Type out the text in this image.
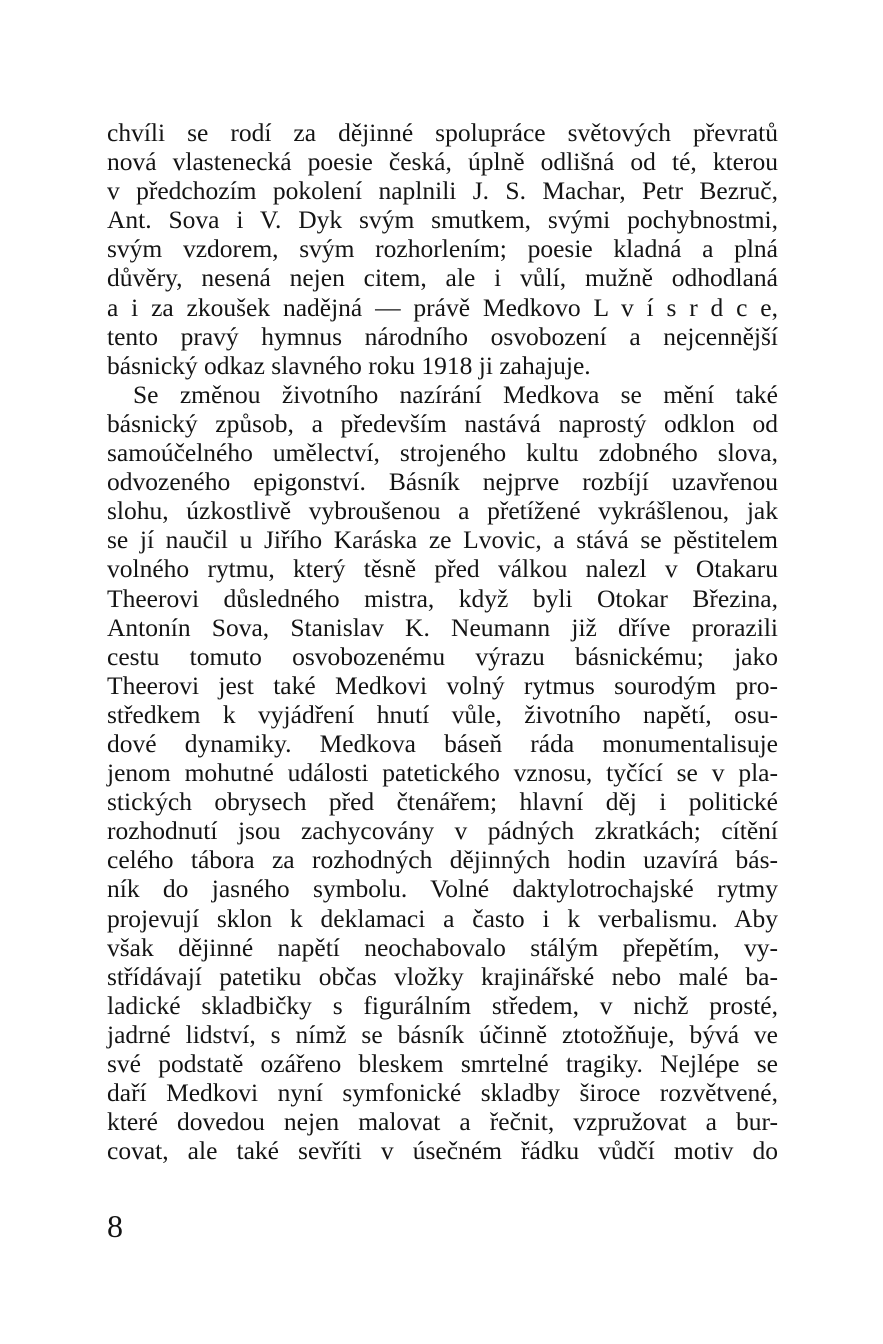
chvíli se rodí za dějinné spolupráce světových převratů
nová vlastenecká poesie česká, úplně odlišná od té, kterou
v předchozím pokolení naplnili J. S. Machar, Petr Bezruč,
Ant. Sova i V. Dyk svým smutkem, svými pochybnostmi,
svým vzdorem, svým rozhorlením; poesie kladná a plná
důvěry, nesená nejen citem, ale i vůlí, mužně odhodlaná
a i za zkoušek nadějná — právě Medkovo L v í s r d c e,
tento pravý hymnus národního osvobození a nejcennější
básnický odkaz slavného roku 1918 ji zahajuje.
Se změnou životního nazírání Medkova se mění také
básnický způsob, a především nastává naprostý odklon od
samoúčelného umělectví, strojeného kultu zdobného slova,
odvozeného epigonství. Básník nejprve rozbíjí uzavřenou
slohu, úzkostlivě vybroušenou a přetížené vykrášlenou, jak
se jí naučil u Jiřího Karáska ze Lvovic, a stává se pěstitelem
volného rytmu, který těsně před válkou nalezl v Otakaru
Theerovi důsledného mistra, když byli Otokar Březina,
Antonín Sova, Stanislav K. Neumann již dříve prorazili
cestu tomuto osvobozenému výrazu básnickému; jako
Theerovi jest také Medkovi volný rytmus sourodým pro-
středkem k vyjádření hnutí vůle, životního napětí, osu-
dové dynamiky. Medkova báseň ráda monumentalisuje
jenom mohutné události patetického vznosu, tyčící se v pla-
stických obrysech před čtenářem; hlavní děj i politické
rozhodnutí jsou zachycovány v pádných zkratkách; cítění
celého tábora za rozhodných dějinných hodin uzavírá bás-
ník do jasného symbolu. Volné daktylotrochajské rytmy
projevují sklon k deklamaci a často i k verbalismu. Aby
však dějinné napětí neochabovalo stálým přepětím, vy-
střídávají patetiku občas vložky krajinářské nebo malé ba-
ladické skladbičky s figurálním středem, v nichž prosté,
jadrné lidství, s nímž se básník účinně ztotožňuje, bývá ve
své podstatě ozářeno bleskem smrtelné tragiky. Nejlépe se
daří Medkovi nyní symfonické skladby široce rozvětvené,
které dovedou nejen malovat a řečnit, vzpružovat a bur-
covat, ale také sevříti v úsečném řádku vůdčí motiv do
8
